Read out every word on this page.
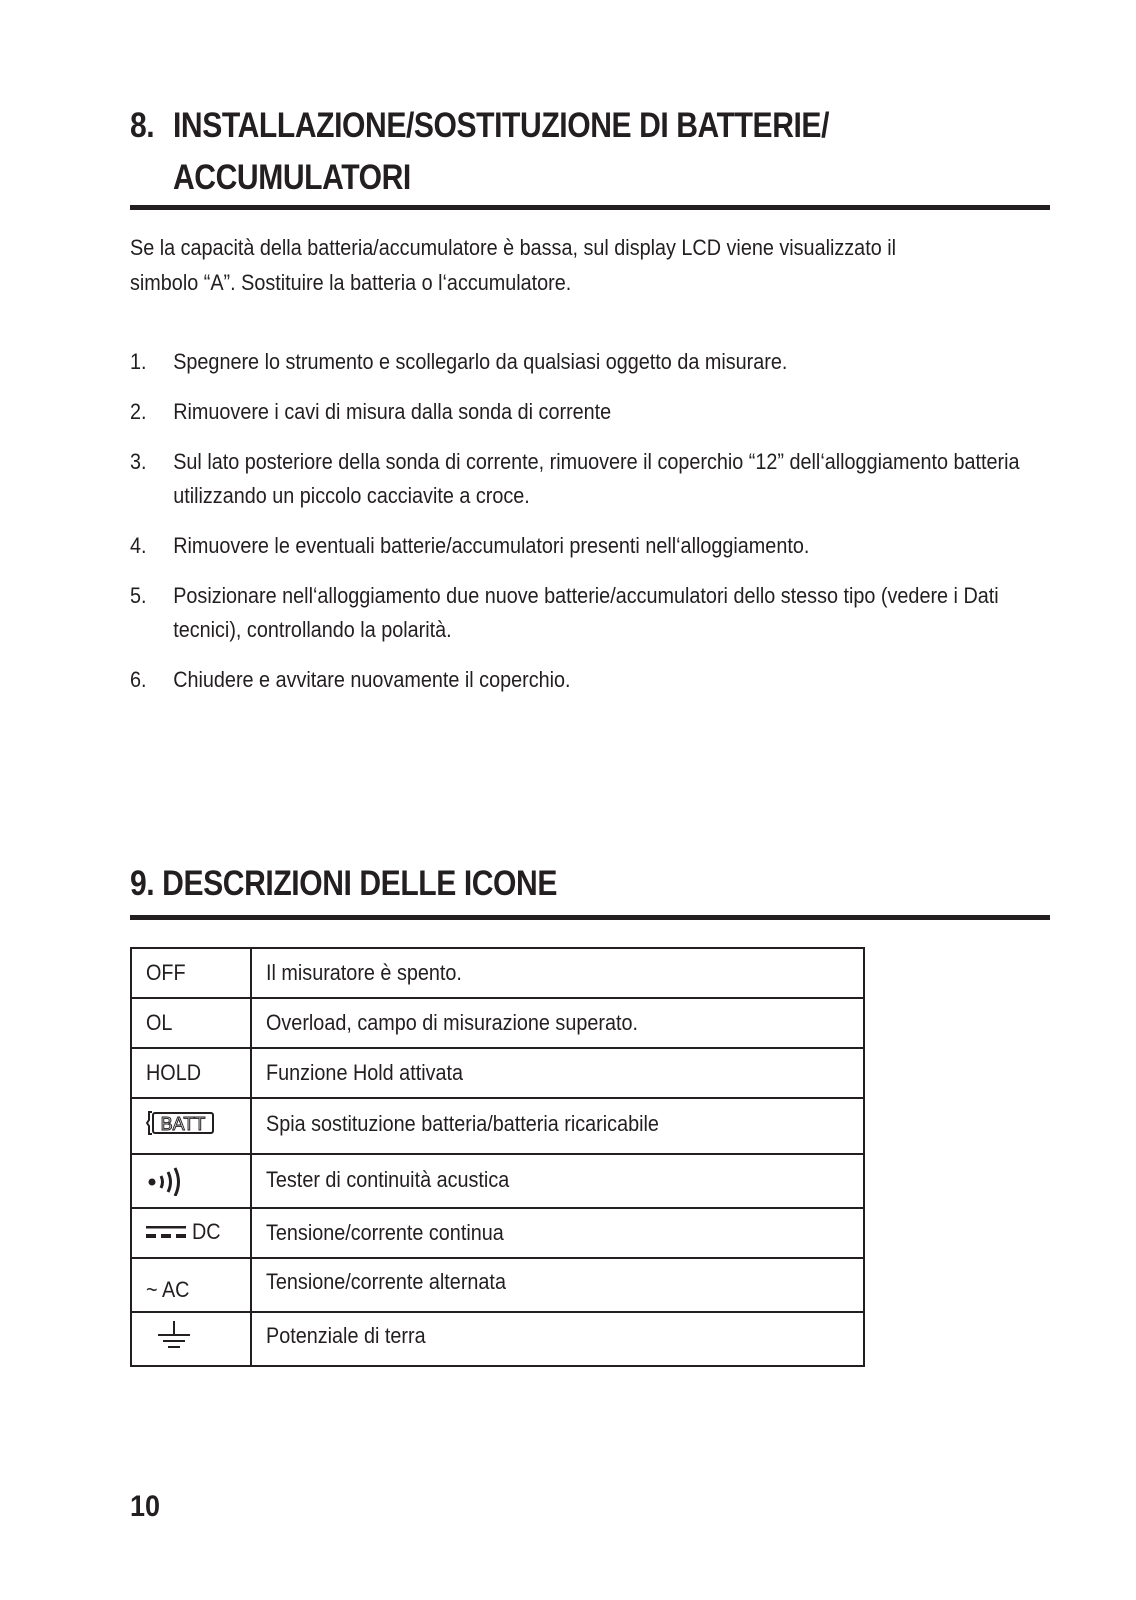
8. INSTALLAZIONE/SOSTITUZIONE DI BATTERIE/
ACCUMULATORI
Se la capacità della batteria/accumulatore è bassa, sul display LCD viene visualizzato il
simbolo “A”. Sostituire la batteria o l‘accumulatore.
1.	Spegnere lo strumento e scollegarlo da qualsiasi oggetto da misurare.
2.	Rimuovere i cavi di misura dalla sonda di corrente
3.	Sul lato posteriore della sonda di corrente, rimuovere il coperchio “12” dell‘alloggiamento batteria utilizzando un piccolo cacciavite a croce.
4.	Rimuovere le eventuali batterie/accumulatori presenti nell‘alloggiamento.
5.	Posizionare nell‘alloggiamento due nuove batterie/accumulatori dello stesso tipo (vedere i Dati tecnici), controllando la polarità.
6.	Chiudere e avvitare nuovamente il coperchio.
9. DESCRIZIONI DELLE ICONE
OFF	Il misuratore è spento.
OL	Overload, campo di misurazione superato.
HOLD	Funzione Hold attivata

BATT	Spia sostituzione batteria/batteria ricaricabile

	Tester di continuità acustica

DC	Tensione/corrente continua
~ AC	Tensione/corrente alternata

	Potenziale di terra
10
